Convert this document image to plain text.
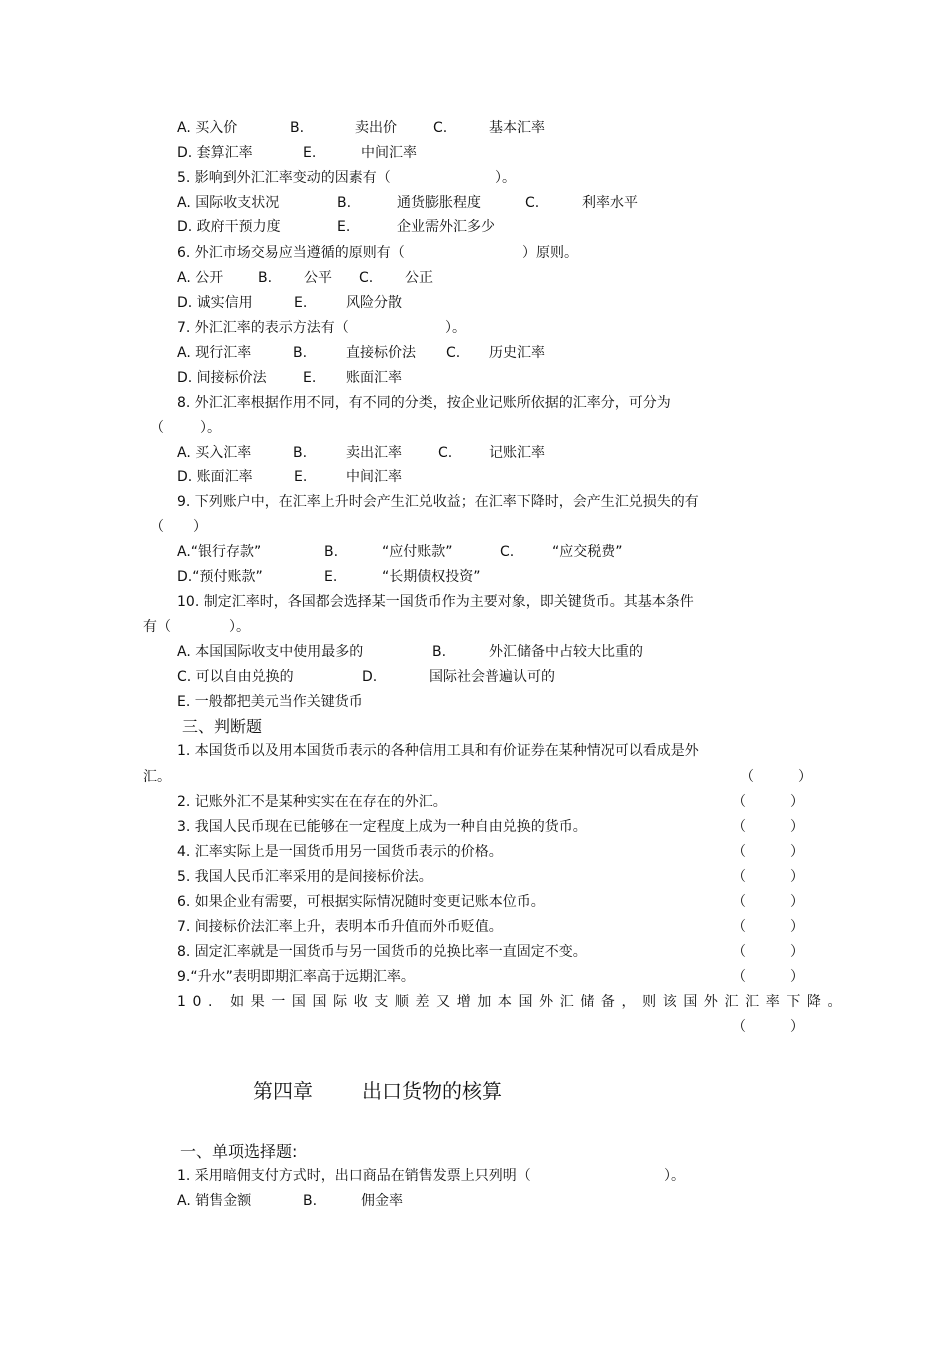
A. 买入价	B.	卖出价	C.	基本汇率
D. 套算汇率	E.	中间汇率
5. 影响到外汇汇率变动的因素有（	）。
A. 国际收支状况	B.	通货膨胀程度	C.	利率水平
D. 政府干预力度	E.	企业需外汇多少
6. 外汇市场交易应当遵循的原则有（	）原则。
A. 公开 B. 公平 C. 公正
D. 诚实信用	E.	风险分散
7. 外汇汇率的表示方法有（	）。
A. 现行汇率	B.	直接标价法 C. 历史汇率
D. 间接标价法	E. 账面汇率
8. 外汇汇率根据作用不同，有不同的分类，按企业记账所依据的汇率分，可分为
（	）。
A. 买入汇率	B.	卖出汇率	C.	记账汇率
D. 账面汇率	E.	中间汇率
9. 下列账户中，在汇率上升时会产生汇兑收益；在汇率下降时，会产生汇兑损失的有
（ ）
A.“银行存款”	B.	“应付账款”	C.	“应交税费”
D.“预付账款”	E.	“长期债权投资”
10. 制定汇率时，各国都会选择某一国货币作为主要对象，即关键货币。其基本条件
有（	）。
A. 本国国际收支中使用最多的	B.	外汇储备中占较大比重的
C. 可以自由兑换的	D.	国际社会普遍认可的
E. 一般都把美元当作关键货币
三、判断题
1. 本国货币以及用本国货币表示的各种信用工具和有价证券在某种情况可以看成是外
汇。	（	）
2. 记账外汇不是某种实实在在存在的外汇。	（	）
3. 我国人民币现在已能够在一定程度上成为一种自由兑换的货币。	（	）
4. 汇率实际上是一国货币用另一国货币表示的价格。	（	）
5. 我国人民币汇率采用的是间接标价法。	（	）
6. 如果企业有需要，可根据实际情况随时变更记账本位币。	（	）
7. 间接标价法汇率上升，表明本币升值而外币贬值。	（	）
8. 固定汇率就是一国货币与另一国货币的兑换比率一直固定不变。	（	）
9.“升水”表明即期汇率高于远期汇率。	（	）
10. 如果一国国际收支顺差又增加本国外汇储备，则该国外汇汇率下降。
（	）
第四章 出口货物的核算
一、单项选择题:
1. 采用暗佣支付方式时，出口商品在销售发票上只列明（	）。
A. 销售金额	B.	佣金率
